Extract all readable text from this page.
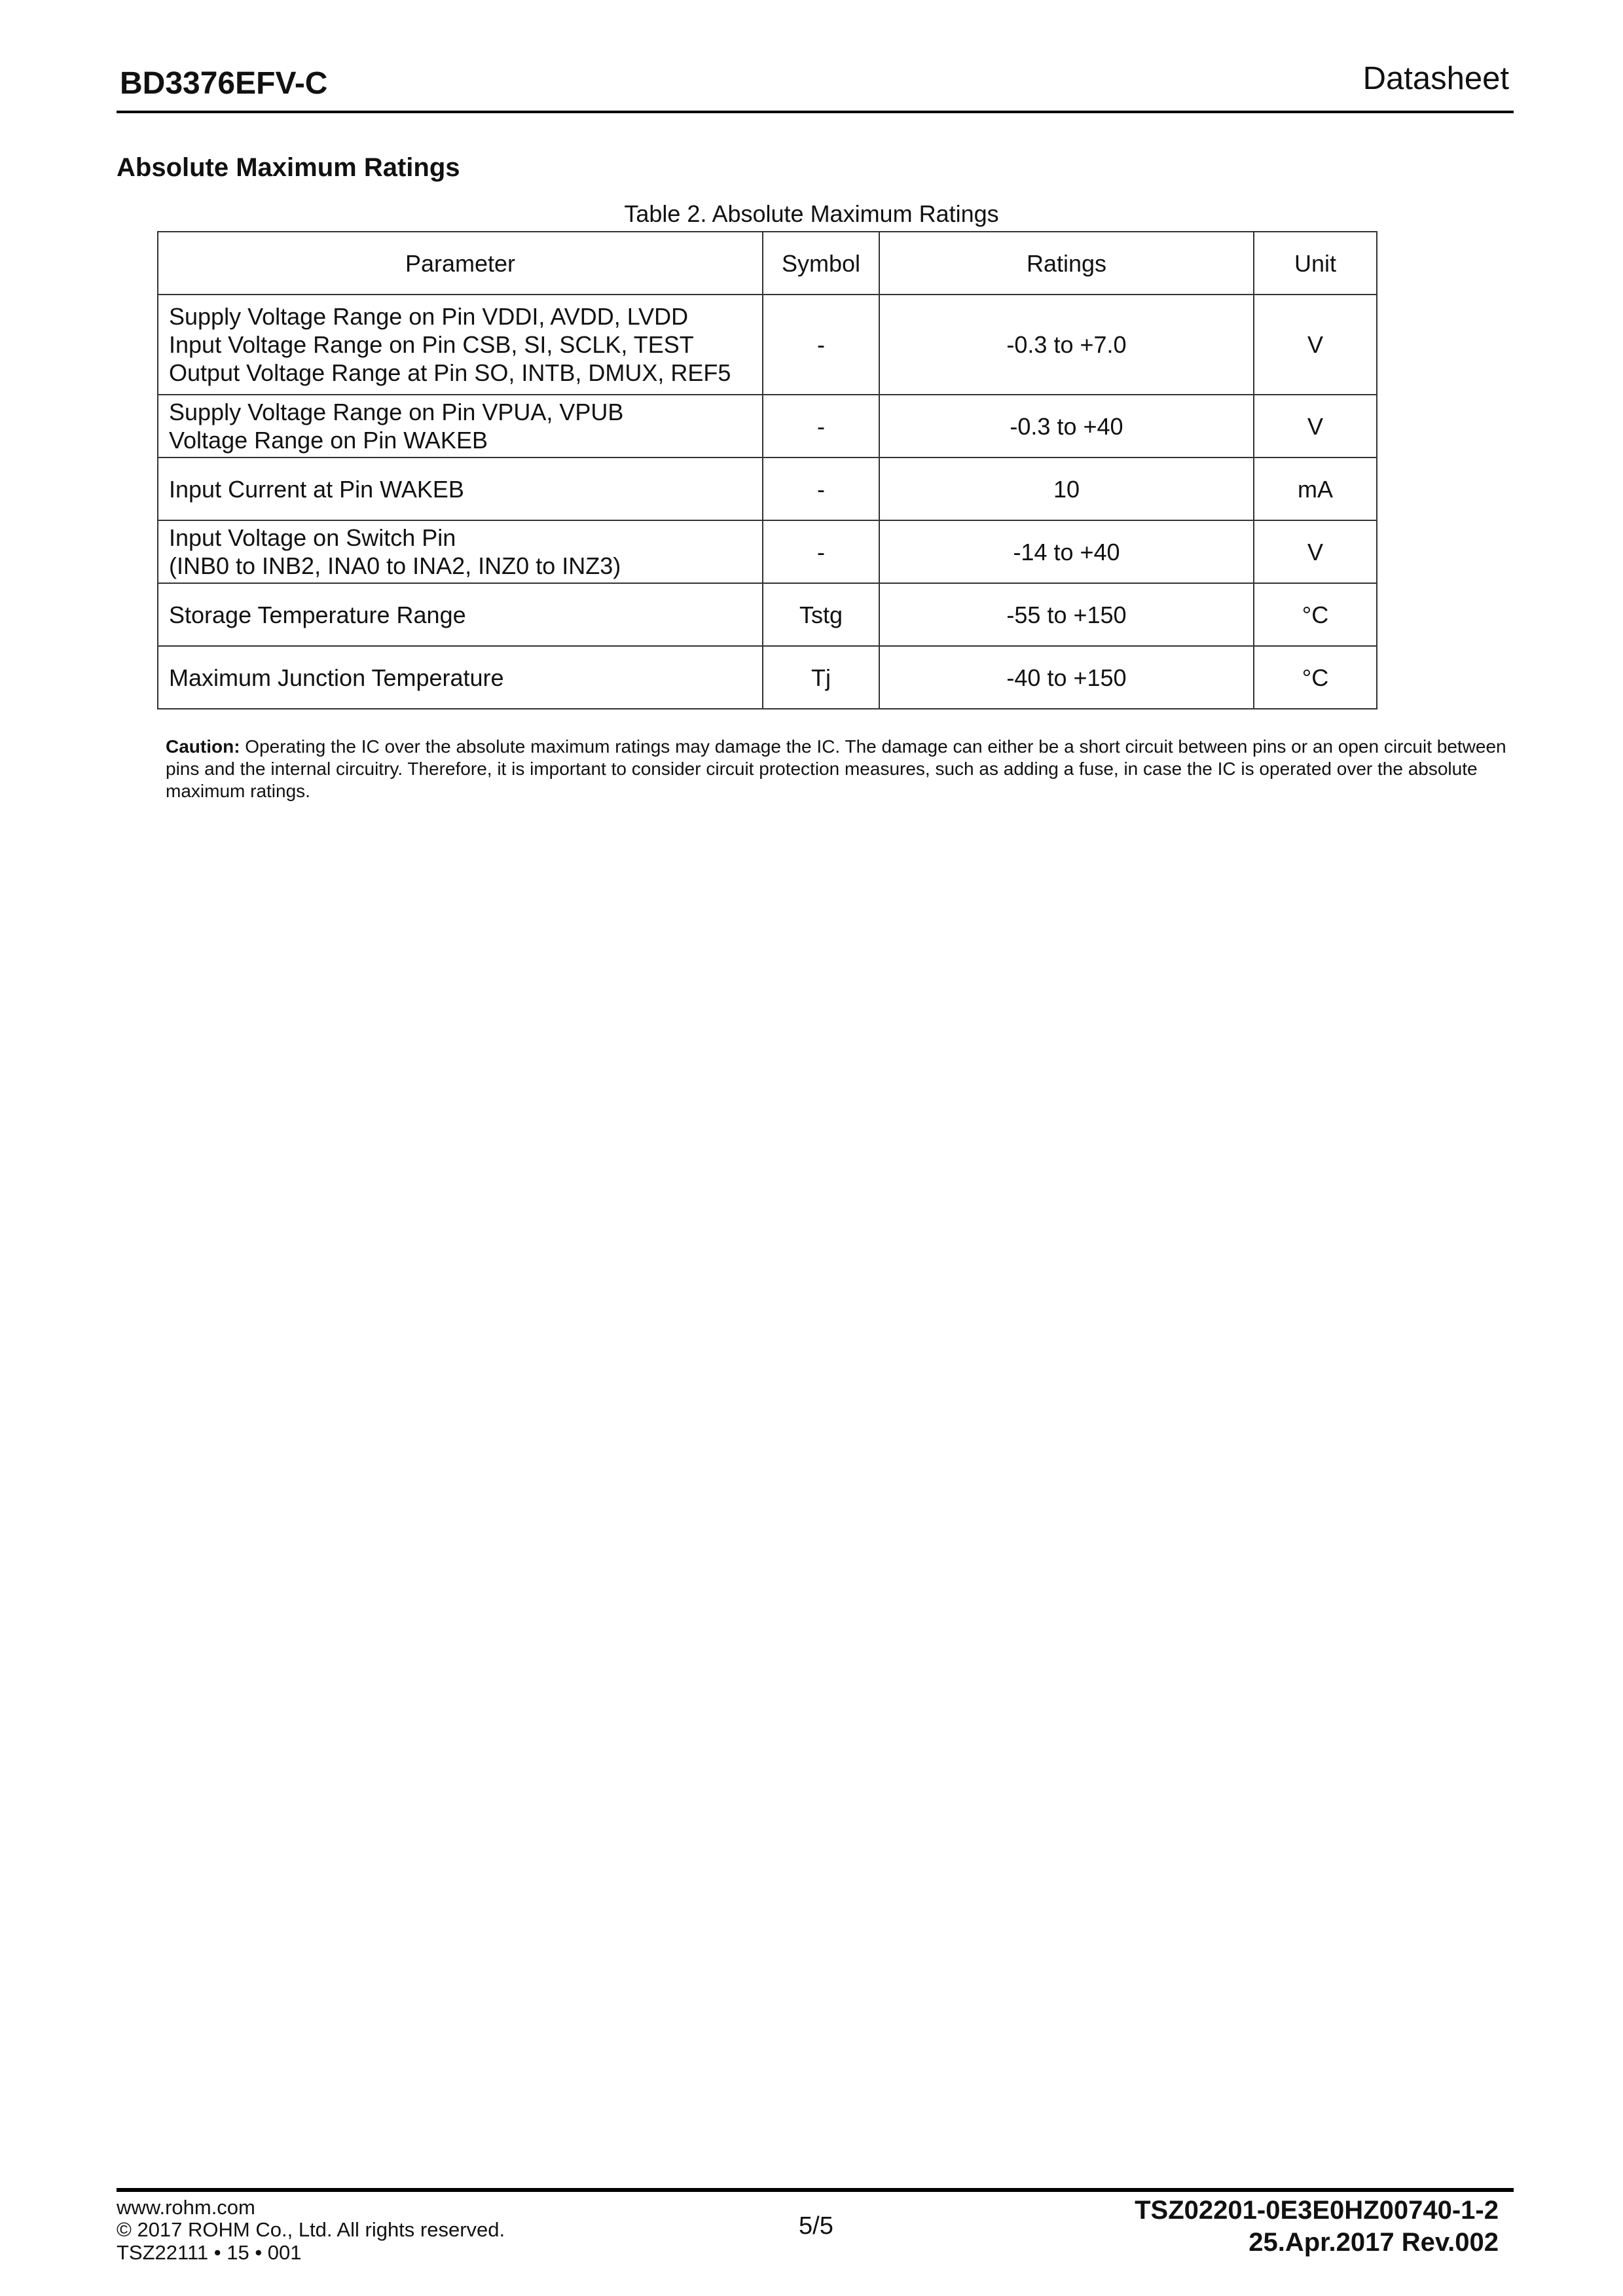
BD3376EFV-C	Datasheet
Absolute Maximum Ratings
Table 2. Absolute Maximum Ratings
Parameter	Symbol	Ratings	Unit

Supply Voltage Range on Pin VDDI, AVDD, LVDD
Input Voltage Range on Pin CSB, SI, SCLK, TEST
Output Voltage Range at Pin SO, INTB, DMUX, REF5	-	-0.3 to +7.0	V

Supply Voltage Range on Pin VPUA, VPUB
Voltage Range on Pin WAKEB	-	-0.3 to +40	V

Input Current at Pin WAKEB	-	10	mA

Input Voltage on Switch Pin
(INB0 to INB2, INA0 to INA2, INZ0 to INZ3)	-	-14 to +40	V

Storage Temperature Range	Tstg	-55 to +150	°C

Maximum Junction Temperature	Tj	-40 to +150	°C
Caution: Operating the IC over the absolute maximum ratings may damage the IC. The damage can either be a short circuit between pins or an open circuit between pins and the internal circuitry. Therefore, it is important to consider circuit protection measures, such as adding a fuse, in case the IC is operated over the absolute maximum ratings.
www.rohm.com
© 2017 ROHM Co., Ltd. All rights reserved.
TSZ22111 • 15 • 001
5/5
TSZ02201-0E3E0HZ00740-1-2
25.Apr.2017 Rev.002
